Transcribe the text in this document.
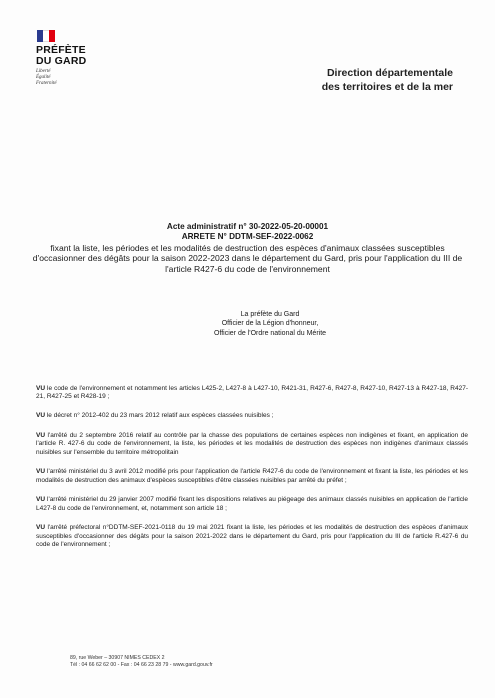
PRÉFÈTE
DU GARD
Liberté
Égalité
Fraternité
Direction départementale
des territoires et de la mer
Acte administratif n° 30-2022-05-20-00001
ARRETE N° DDTM-SEF-2022-0062
fixant la liste, les périodes et les modalités de destruction des espèces d'animaux classées susceptibles d'occasionner des dégâts pour la saison 2022-2023 dans le département du Gard, pris pour l'application du III de l'article R427-6 du code de l'environnement
La préfète du Gard
Officier de la Légion d'honneur,
Officier de l'Ordre national du Mérite

VU le code de l'environnement et notamment les articles L425-2, L427-8 à L427-10, R421-31, R427-6, R427-8, R427-10, R427-13 à R427-18, R427-21, R427-25 et R428-19 ;

VU le décret n° 2012-402 du 23 mars 2012 relatif aux espèces classées nuisibles ;

VU l'arrêté du 2 septembre 2016 relatif au contrôle par la chasse des populations de certaines espèces non indigènes et fixant, en application de l'article R. 427-6 du code de l'environnement, la liste, les périodes et les modalités de destruction des espèces non indigènes d'animaux classés nuisibles sur l'ensemble du territoire métropolitain

VU l'arrêté ministériel du 3 avril 2012 modifié pris pour l'application de l'article R427-6 du code de l'environnement et fixant la liste, les périodes et les modalités de destruction des animaux d'espèces susceptibles d'être classées nuisibles par arrêté du préfet ;

VU l'arrêté ministériel du 29 janvier 2007 modifié fixant les dispositions relatives au piégeage des animaux classés nuisibles en application de l'article L427-8 du code de l'environnement, et, notamment son article 18 ;

VU l'arrêté préfectoral n°DDTM-SEF-2021-0118 du 19 mai 2021 fixant la liste, les périodes et les modalités de destruction des espèces d'animaux susceptibles d'occasionner des dégâts pour la saison 2021-2022 dans le département du Gard, pris pour l'application du III de l'article R.427-6 du code de l'environnement ;

89, rue Weber – 30907 NIMES CEDEX 2
Tél : 04 66 62 62 00 - Fax : 04 66 23 28 79 - www.gard.gouv.fr
